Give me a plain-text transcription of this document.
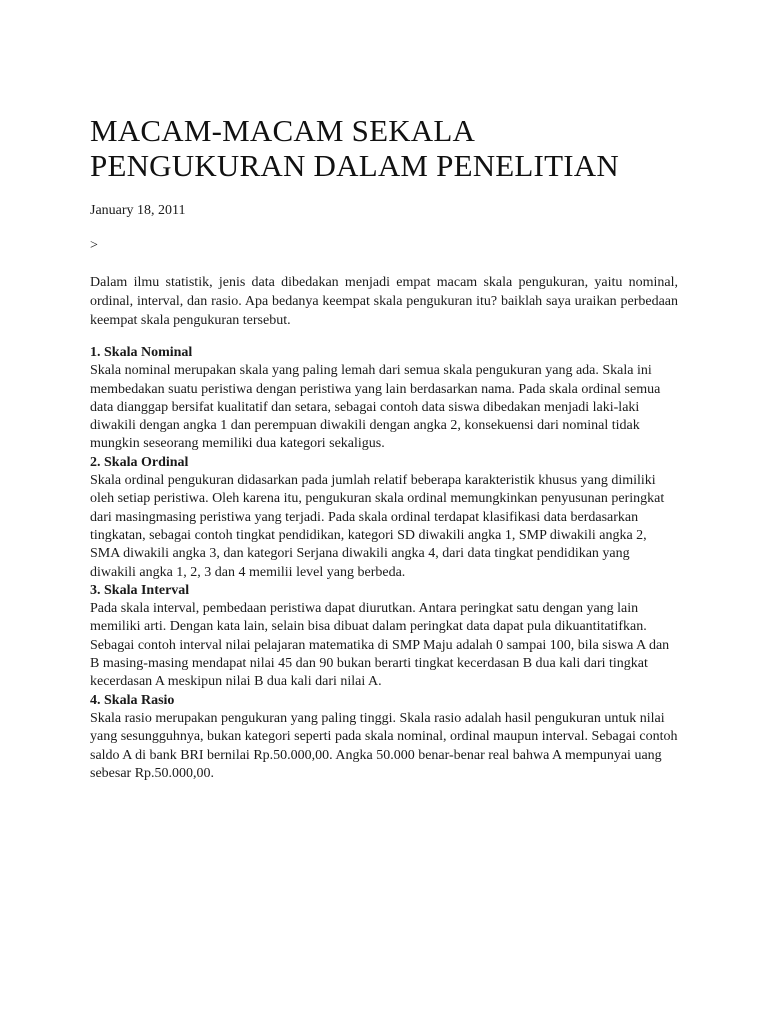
MACAM-MACAM SEKALA PENGUKURAN DALAM PENELITIAN
January 18, 2011
>

Dalam ilmu statistik, jenis data dibedakan menjadi empat macam skala pengukuran, yaitu nominal, ordinal, interval, dan rasio. Apa bedanya keempat skala pengukuran itu? baiklah saya uraikan perbedaan keempat skala pengukuran tersebut.

1. Skala Nominal

Skala nominal merupakan skala yang paling lemah dari semua skala pengukuran yang ada. Skala ini membedakan suatu peristiwa dengan peristiwa yang lain berdasarkan nama. Pada skala ordinal semua data dianggap bersifat kualitatif dan setara, sebagai contoh data siswa dibedakan menjadi laki-laki diwakili dengan angka 1 dan perempuan diwakili dengan angka 2, konsekuensi dari nominal tidak mungkin seseorang memiliki dua kategori sekaligus.

2. Skala Ordinal

Skala ordinal pengukuran didasarkan pada jumlah relatif beberapa karakteristik khusus yang dimiliki oleh setiap peristiwa. Oleh karena itu, pengukuran skala ordinal memungkinkan penyusunan peringkat dari masingmasing peristiwa yang terjadi. Pada skala ordinal terdapat klasifikasi data berdasarkan tingkatan, sebagai contoh tingkat pendidikan, kategori SD diwakili angka 1, SMP diwakili angka 2, SMA diwakili angka 3, dan kategori Serjana diwakili angka 4, dari data tingkat pendidikan yang diwakili angka 1, 2, 3 dan 4 memilii level yang berbeda.

3. Skala Interval

Pada skala interval, pembedaan peristiwa dapat diurutkan. Antara peringkat satu dengan yang lain memiliki arti. Dengan kata lain, selain bisa dibuat dalam peringkat data dapat pula dikuantitatifkan. Sebagai contoh interval nilai pelajaran matematika di SMP Maju adalah 0 sampai 100, bila siswa A dan B masing-masing mendapat nilai 45 dan 90 bukan berarti tingkat kecerdasan B dua kali dari tingkat kecerdasan A meskipun nilai B dua kali dari nilai A.

4. Skala Rasio

Skala rasio merupakan pengukuran yang paling tinggi. Skala rasio adalah hasil pengukuran untuk nilai yang sesungguhnya, bukan kategori seperti pada skala nominal, ordinal maupun interval. Sebagai contoh saldo A di bank BRI bernilai Rp.50.000,00. Angka 50.000 benar-benar real bahwa A mempunyai uang sebesar Rp.50.000,00.
